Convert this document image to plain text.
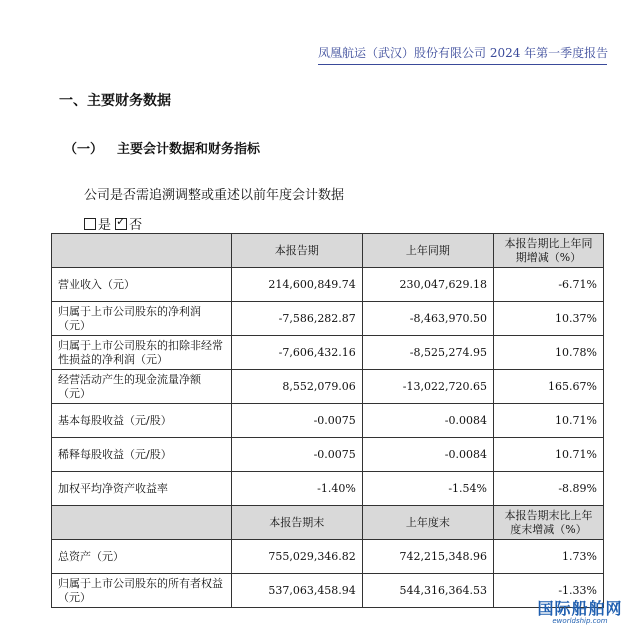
凤凰航运（武汉）股份有限公司 2024 年第一季度报告
一、主要财务数据
（一） 主要会计数据和财务指标
公司是否需追溯调整或重述以前年度会计数据
是 ✓ 否
	本报告期	上年同期	本报告期比上年同期增减（%）
营业收入（元）	214,600,849.74	230,047,629.18	-6.71%
归属于上市公司股东的净利润（元）	-7,586,282.87	-8,463,970.50	10.37%
归属于上市公司股东的扣除非经常性损益的净利润（元）	-7,606,432.16	-8,525,274.95	10.78%
经营活动产生的现金流量净额（元）	8,552,079.06	-13,022,720.65	165.67%
基本每股收益（元/股）	-0.0075	-0.0084	10.71%
稀释每股收益（元/股）	-0.0075	-0.0084	10.71%
加权平均净资产收益率	-1.40%	-1.54%	-8.89%
	本报告期末	上年度末	本报告期末比上年度末增减（%）
总资产（元）	755,029,346.82	742,215,348.96	1.73%
归属于上市公司股东的所有者权益（元）	537,063,458.94	544,316,364.53	-1.33%
国际船舶网
eworldship.com
